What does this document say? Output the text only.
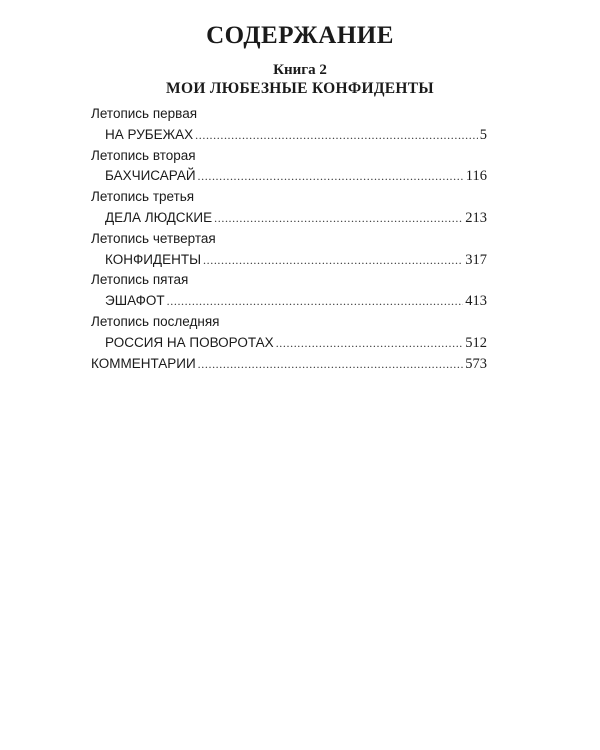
СОДЕРЖАНИЕ
Книга 2
МОИ ЛЮБЕЗНЫЕ КОНФИДЕНТЫ
Летопись первая
НА РУБЕЖАХ .....	5
Летопись вторая
БАХЧИСАРАЙ .....	116
Летопись третья
ДЕЛА ЛЮДСКИЕ .....	213
Летопись четвертая
КОНФИДЕНТЫ .....	317
Летопись пятая
ЭШАФОТ .....	413
Летопись последняя
РОССИЯ НА ПОВОРОТАХ .....	512
КОММЕНТАРИИ .....	573
